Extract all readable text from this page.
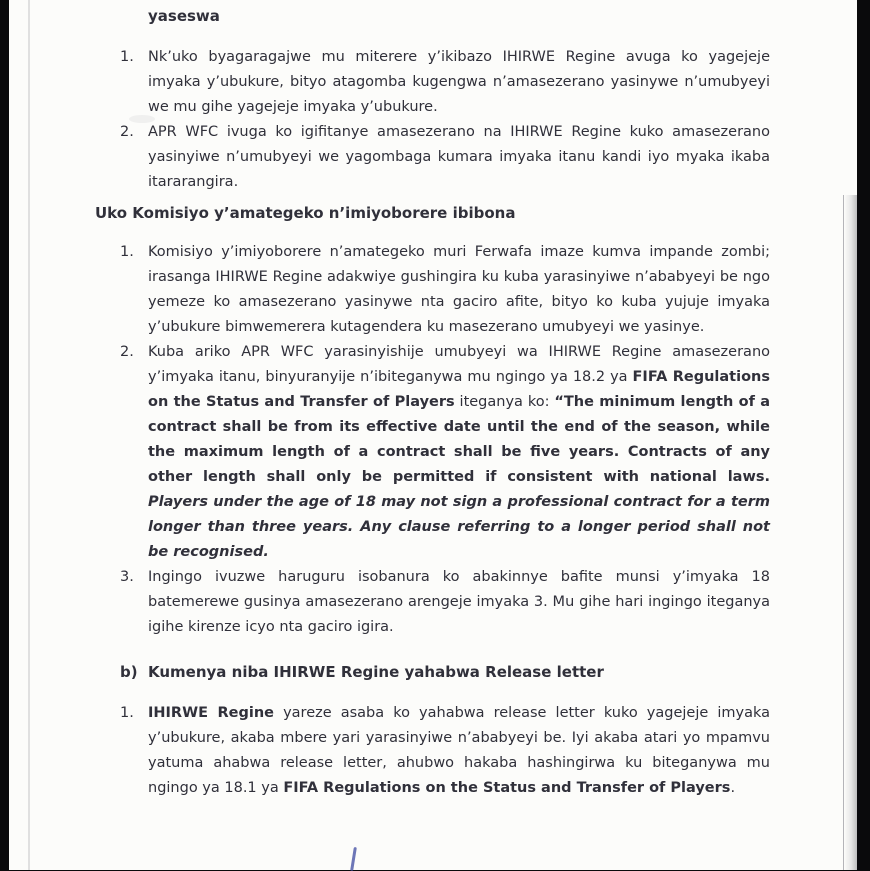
yaseswa
1. Nk’uko byagaragajwe mu miterere y’ikibazo IHIRWE Regine avuga ko yagejeje imyaka y’ubukure, bityo atagomba kugengwa n’amasezerano yasinywe n’umubyeyi we mu gihe yagejeje imyaka y’ubukure.
2. APR WFC ivuga ko igifitanye amasezerano na IHIRWE Regine kuko amasezerano yasinyiwe n’umubyeyi we yagombaga kumara imyaka itanu kandi iyo myaka ikaba itararangira.
Uko Komisiyo y’amategeko n’imiyoborere ibibona
1. Komisiyo y’imiyoborere n’amategeko muri Ferwafa imaze kumva impande zombi; irasanga IHIRWE Regine adakwiye gushingira ku kuba yarasinyiwe n’ababyeyi be ngo yemeze ko amasezerano yasinywe nta gaciro afite, bityo ko kuba yujuje imyaka y’ubukure bimwemerera kutagendera ku masezerano umubyeyi we yasinye.
2. Kuba ariko APR WFC yarasinyishije umubyeyi wa IHIRWE Regine amasezerano y’imyaka itanu, binyuranyije n’ibiteganywa mu ngingo ya 18.2 ya FIFA Regulations on the Status and Transfer of Players iteganya ko: “The minimum length of a contract shall be from its effective date until the end of the season, while the maximum length of a contract shall be five years. Contracts of any other length shall only be permitted if consistent with national laws. Players under the age of 18 may not sign a professional contract for a term longer than three years. Any clause referring to a longer period shall not be recognised.
3. Ingingo ivuzwe haruguru isobanura ko abakinnye bafite munsi y’imyaka 18 batemerewe gusinya amasezerano arengeje imyaka 3. Mu gihe hari ingingo iteganya igihe kirenze icyo nta gaciro igira.
b) Kumenya niba IHIRWE Regine yahabwa Release letter
1. IHIRWE Regine yareze asaba ko yahabwa release letter kuko yagejeje imyaka y’ubukure, akaba mbere yari yarasinyiwe n’ababyeyi be. Iyi akaba atari yo mpamvu yatuma ahabwa release letter, ahubwo hakaba hashingirwa ku biteganywa mu ngingo ya 18.1 ya FIFA Regulations on the Status and Transfer of Players.
